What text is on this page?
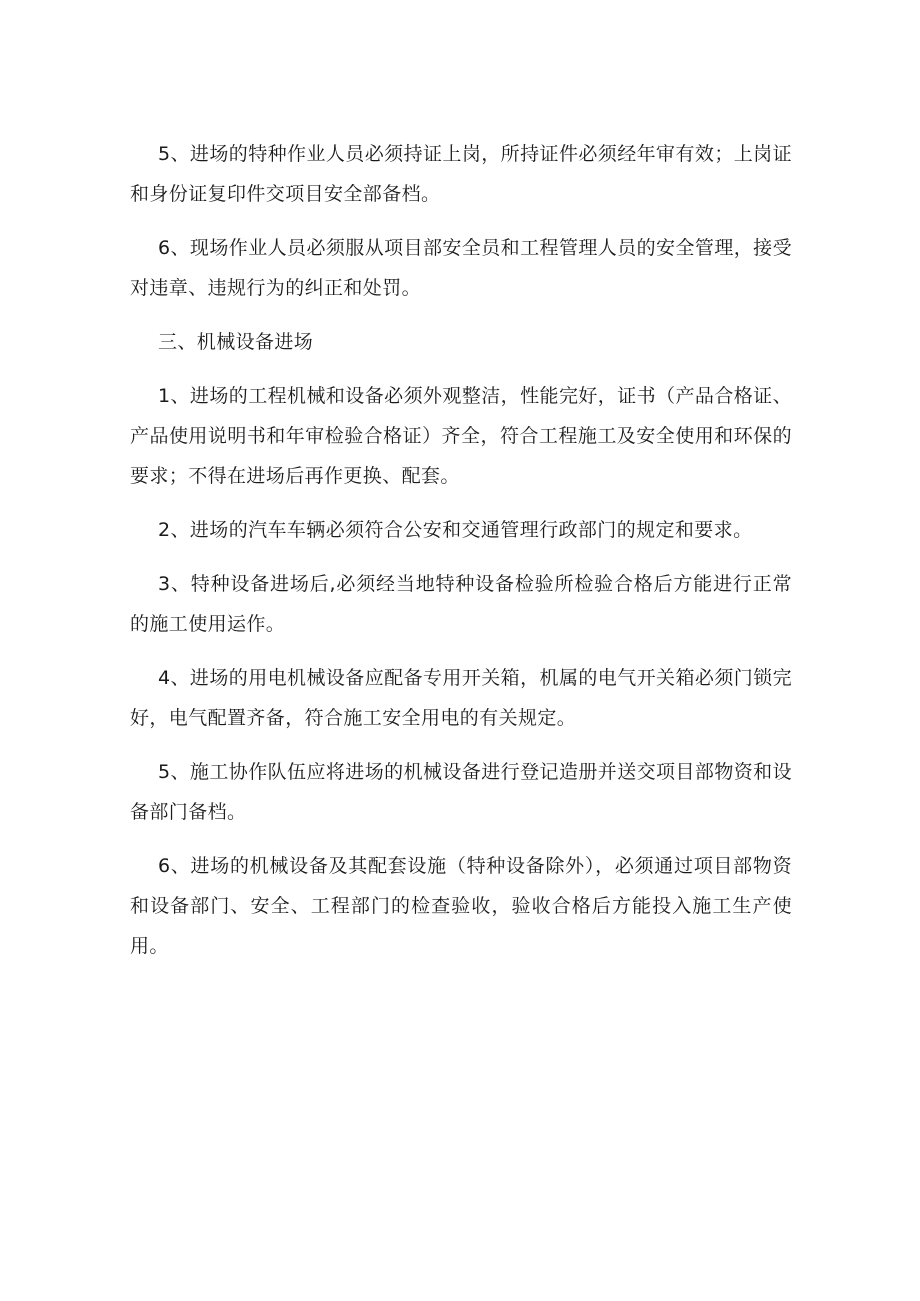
5、进场的特种作业人员必须持证上岗，所持证件必须经年审有效；上岗证和身份证复印件交项目安全部备档。

6、现场作业人员必须服从项目部安全员和工程管理人员的安全管理，接受对违章、违规行为的纠正和处罚。

三、机械设备进场

1、进场的工程机械和设备必须外观整洁，性能完好，证书（产品合格证、产品使用说明书和年审检验合格证）齐全，符合工程施工及安全使用和环保的要求；不得在进场后再作更换、配套。

2、进场的汽车车辆必须符合公安和交通管理行政部门的规定和要求。

3、特种设备进场后,必须经当地特种设备检验所检验合格后方能进行正常的施工使用运作。

4、进场的用电机械设备应配备专用开关箱，机属的电气开关箱必须门锁完好，电气配置齐备，符合施工安全用电的有关规定。

5、施工协作队伍应将进场的机械设备进行登记造册并送交项目部物资和设备部门备档。

6、进场的机械设备及其配套设施（特种设备除外），必须通过项目部物资和设备部门、安全、工程部门的检查验收，验收合格后方能投入施工生产使用。
